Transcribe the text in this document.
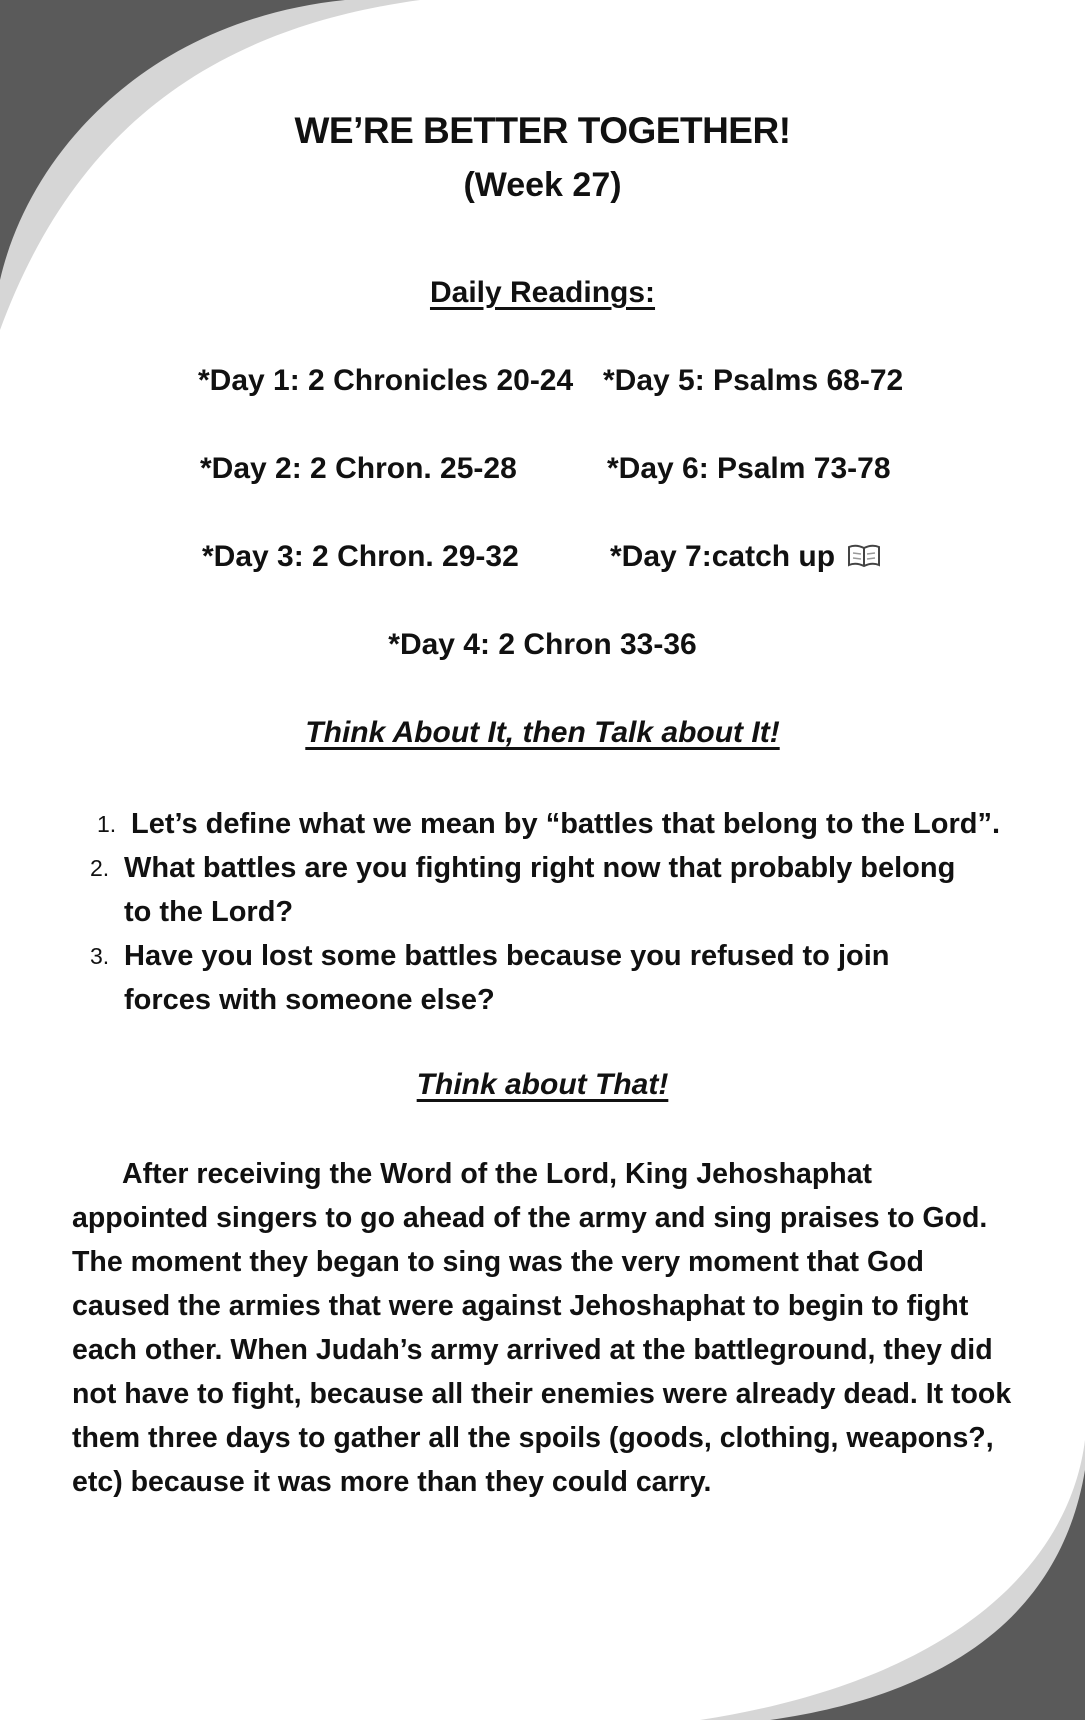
WE’RE BETTER TOGETHER!
(Week 27)
Daily Readings:
*Day 1: 2 Chronicles 20-24 *Day 5: Psalms 68-72
*Day 2: 2 Chron. 25-28	*Day 6: Psalm 73-78
*Day 3: 2 Chron. 29-32	*Day 7:catch up
*Day 4: 2 Chron 33-36
Think About It, then Talk about It!
1. Let’s define what we mean by “battles that belong to the Lord”.
2. What battles are you fighting right now that probably belong to the Lord?
3. Have you lost some battles because you refused to join forces with someone else?
Think about That!
After receiving the Word of the Lord, King Jehoshaphat appointed singers to go ahead of the army and sing praises to God. The moment they began to sing was the very moment that God caused the armies that were against Jehoshaphat to begin to fight each other. When Judah’s army arrived at the battleground, they did not have to fight, because all their enemies were already dead. It took them three days to gather all the spoils (goods, clothing, weapons?, etc) because it was more than they could carry.
